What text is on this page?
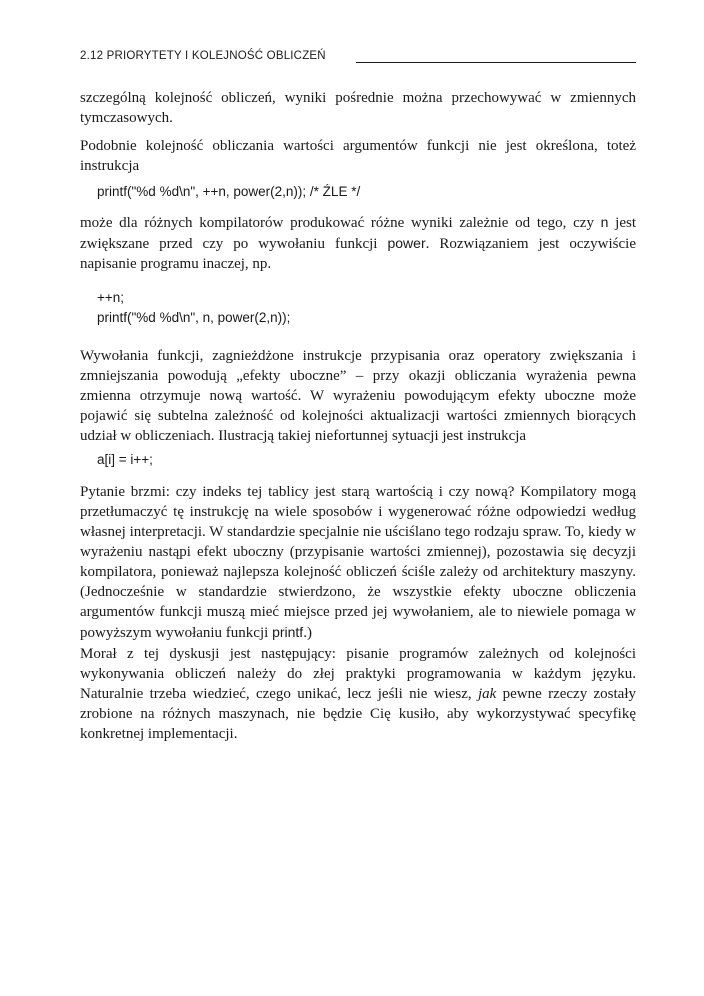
2.12 PRIORYTETY I KOLEJNOŚĆ OBLICZEŃ

szczególną kolejność obliczeń, wyniki pośrednie można przechowywać w zmiennych tymczasowych.

Podobnie kolejność obliczania wartości argumentów funkcji nie jest określona, toteż instrukcja

printf("%d %d\n", ++n, power(2,n)); /* ŹLE */

może dla różnych kompilatorów produkować różne wyniki zależnie od tego, czy n jest zwiększane przed czy po wywołaniu funkcji power. Rozwiązaniem jest oczywiście napisanie programu inaczej, np.

++n;

printf("%d %d\n", n, power(2,n));

Wywołania funkcji, zagnieżdżone instrukcje przypisania oraz operatory zwiększania i zmniejszania powodują „efekty uboczne” – przy okazji obliczania wyrażenia pewna zmienna otrzymuje nową wartość. W wyrażeniu powodującym efekty uboczne może pojawić się subtelna zależność od kolejności aktualizacji wartości zmiennych biorących udział w obliczeniach. Ilustracją takiej niefortunnej sytuacji jest instrukcja

a[i] = i++;

Pytanie brzmi: czy indeks tej tablicy jest starą wartością i czy nową? Kompilatory mogą przetłumaczyć tę instrukcję na wiele sposobów i wygenerować różne odpowiedzi według własnej interpretacji. W standardzie specjalnie nie uściślano tego rodzaju spraw. To, kiedy w wyrażeniu nastąpi efekt uboczny (przypisanie wartości zmiennej), pozostawia się decyzji kompilatora, ponieważ najlepsza kolejność obliczeń ściśle zależy od architektury maszyny. (Jednocześnie w standardzie stwierdzono, że wszystkie efekty uboczne obliczenia argumentów funkcji muszą mieć miejsce przed jej wywołaniem, ale to niewiele pomaga w powyższym wywołaniu funkcji printf.)

Morał z tej dyskusji jest następujący: pisanie programów zależnych od kolejności wykonywania obliczeń należy do złej praktyki programowania w każdym języku. Naturalnie trzeba wiedzieć, czego unikać, lecz jeśli nie wiesz, jak pewne rzeczy zostały zrobione na różnych maszynach, nie będzie Cię kusiło, aby wykorzystywać specyfikę konkretnej implementacji.
